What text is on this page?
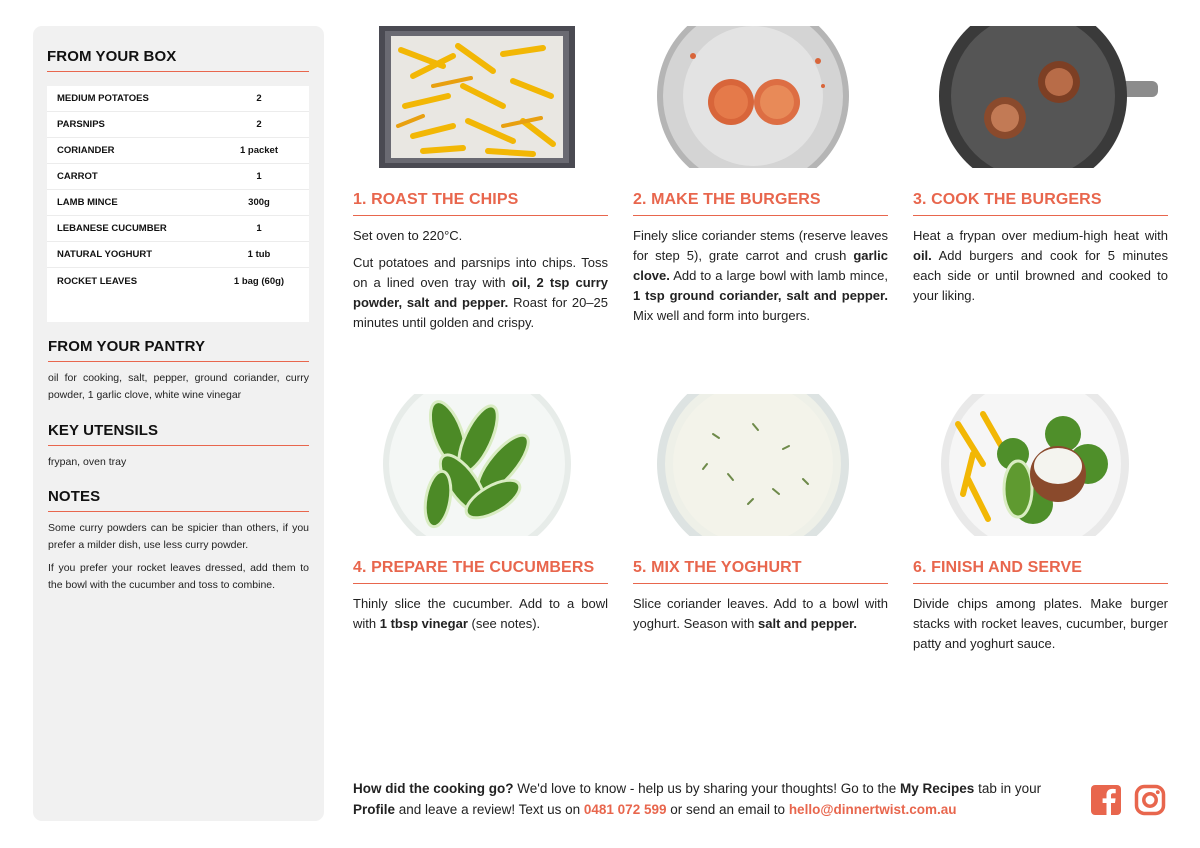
FROM YOUR BOX
MEDIUM POTATOES	2
PARSNIPS	2
CORIANDER	1 packet
CARROT	1
LAMB MINCE	300g
LEBANESE CUCUMBER	1
NATURAL YOGHURT	1 tub
ROCKET LEAVES	1 bag (60g)
FROM YOUR PANTRY
oil for cooking, salt, pepper, ground coriander, curry powder, 1 garlic clove, white wine vinegar
KEY UTENSILS
frypan, oven tray
NOTES
Some curry powders can be spicier than others, if you prefer a milder dish, use less curry powder.
If you prefer your rocket leaves dressed, add them to the bowl with the cucumber and toss to combine.
1. ROAST THE CHIPS
Set oven to 220°C.
Cut potatoes and parsnips into chips. Toss on a lined oven tray with oil, 2 tsp curry powder, salt and pepper. Roast for 20–25 minutes until golden and crispy.
2. MAKE THE BURGERS
Finely slice coriander stems (reserve leaves for step 5), grate carrot and crush garlic clove. Add to a large bowl with lamb mince, 1 tsp ground coriander, salt and pepper. Mix well and form into burgers.
3. COOK THE BURGERS
Heat a frypan over medium-high heat with oil. Add burgers and cook for 5 minutes each side or until browned and cooked to your liking.
4. PREPARE THE CUCUMBERS
Thinly slice the cucumber. Add to a bowl with 1 tbsp vinegar (see notes).
5. MIX THE YOGHURT
Slice coriander leaves. Add to a bowl with yoghurt. Season with salt and pepper.
6. FINISH AND SERVE
Divide chips among plates. Make burger stacks with rocket leaves, cucumber, burger patty and yoghurt sauce.
How did the cooking go? We'd love to know - help us by sharing your thoughts! Go to the My Recipes tab in your Profile and leave a review! Text us on 0481 072 599 or send an email to hello@dinnertwist.com.au
